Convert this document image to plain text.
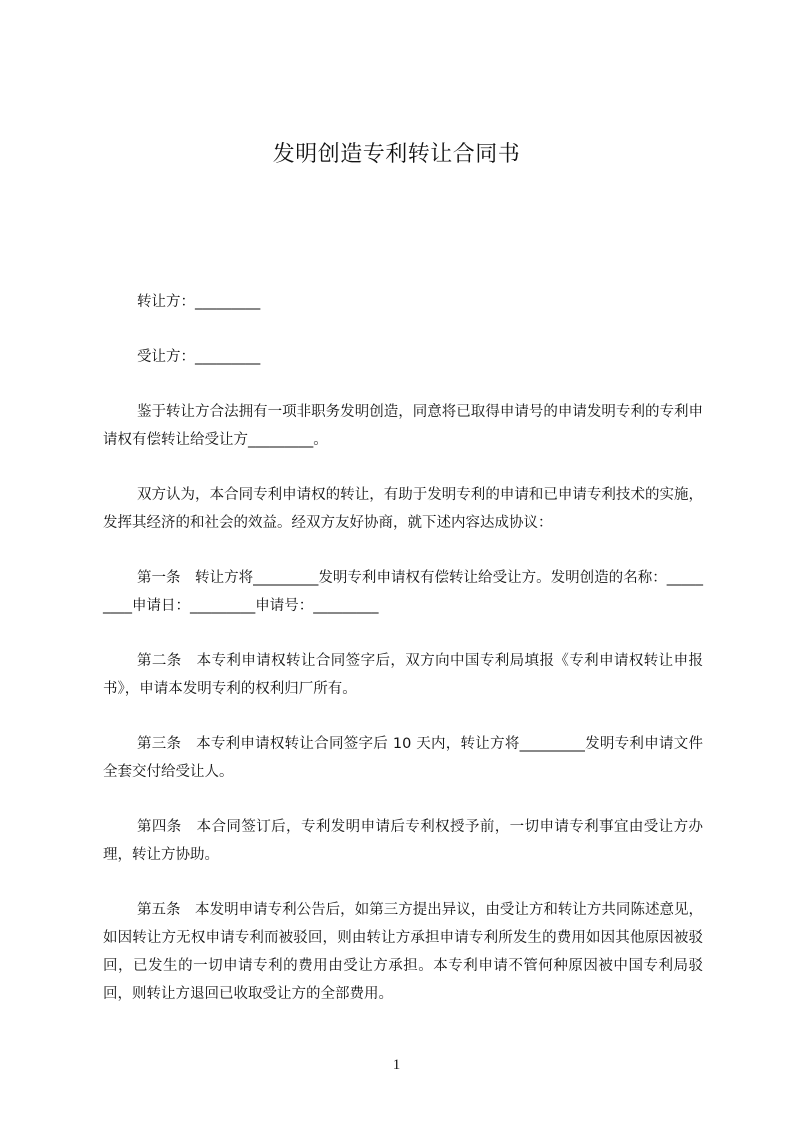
发明创造专利转让合同书

转让方：_________

受让方：_________

鉴于转让方合法拥有一项非职务发明创造，同意将已取得申请号的申请发明专利的专利申请权有偿转让给受让方_________。

双方认为，本合同专利申请权的转让，有助于发明专利的申请和已申请专利技术的实施，发挥其经济的和社会的效益。经双方友好协商，就下述内容达成协议：

第一条　转让方将_________发明专利申请权有偿转让给受让方。发明创造的名称：_________申请日：_________申请号：_________

第二条　本专利申请权转让合同签字后，双方向中国专利局填报《专利申请权转让申报书》，申请本发明专利的权利归厂所有。

第三条　本专利申请权转让合同签字后 10 天内，转让方将_________发明专利申请文件全套交付给受让人。

第四条　本合同签订后，专利发明申请后专利权授予前，一切申请专利事宜由受让方办理，转让方协助。

第五条　本发明申请专利公告后，如第三方提出异议，由受让方和转让方共同陈述意见，如因转让方无权申请专利而被驳回，则由转让方承担申请专利所发生的费用如因其他原因被驳回，已发生的一切申请专利的费用由受让方承担。本专利申请不管何种原因被中国专利局驳回，则转让方退回已收取受让方的全部费用。

1
